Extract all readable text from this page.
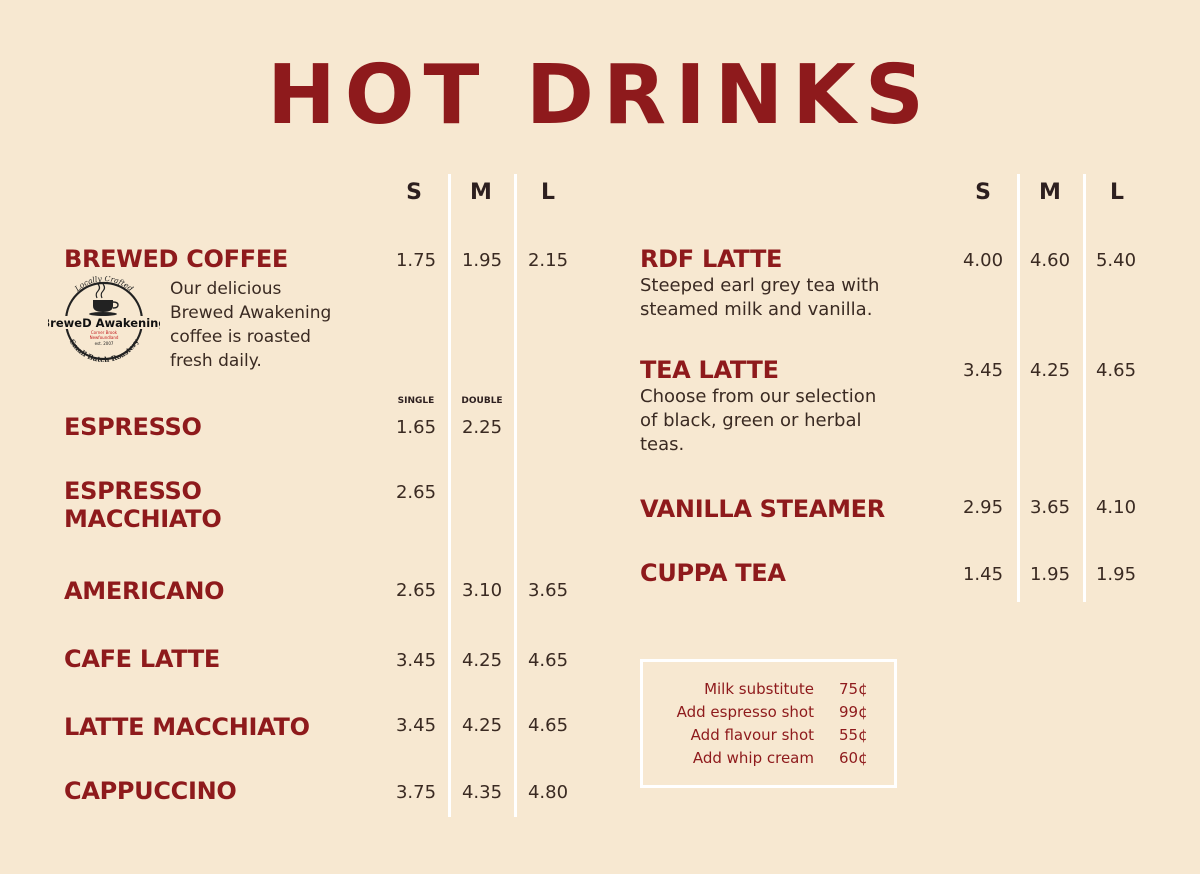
HOT DRINKS
S	M	L	S	M	L
BREWED COFFEE	1.75	1.95	2.15
Locally Crafted
Small Batch Roastery
reweD Awakening
Corner Brook
Newfoundland
est. 2007
Our delicious
Brewed Awakening
coffee is roasted
fresh daily.
SINGLE	DOUBLE
ESPRESSO	1.65	2.25
ESPRESSO
MACCHIATO
2.65
AMERICANO	2.65	3.10	3.65
CAFE LATTE	3.45	4.25	4.65
LATTE MACCHIATO	3.45	4.25	4.65
CAPPUCCINO	3.75	4.35	4.80
RDF LATTE
Steeped earl grey tea with
steamed milk and vanilla.
4.00	4.60	5.40
TEA LATTE
Choose from our selection
of black, green or herbal
teas.
3.45	4.25	4.65
VANILLA STEAMER	2.95	3.65	4.10
CUPPA TEA	1.45	1.95	1.95
Milk substitute 75¢
Add espresso shot 99¢
Add flavour shot 55¢
Add whip cream 60¢
